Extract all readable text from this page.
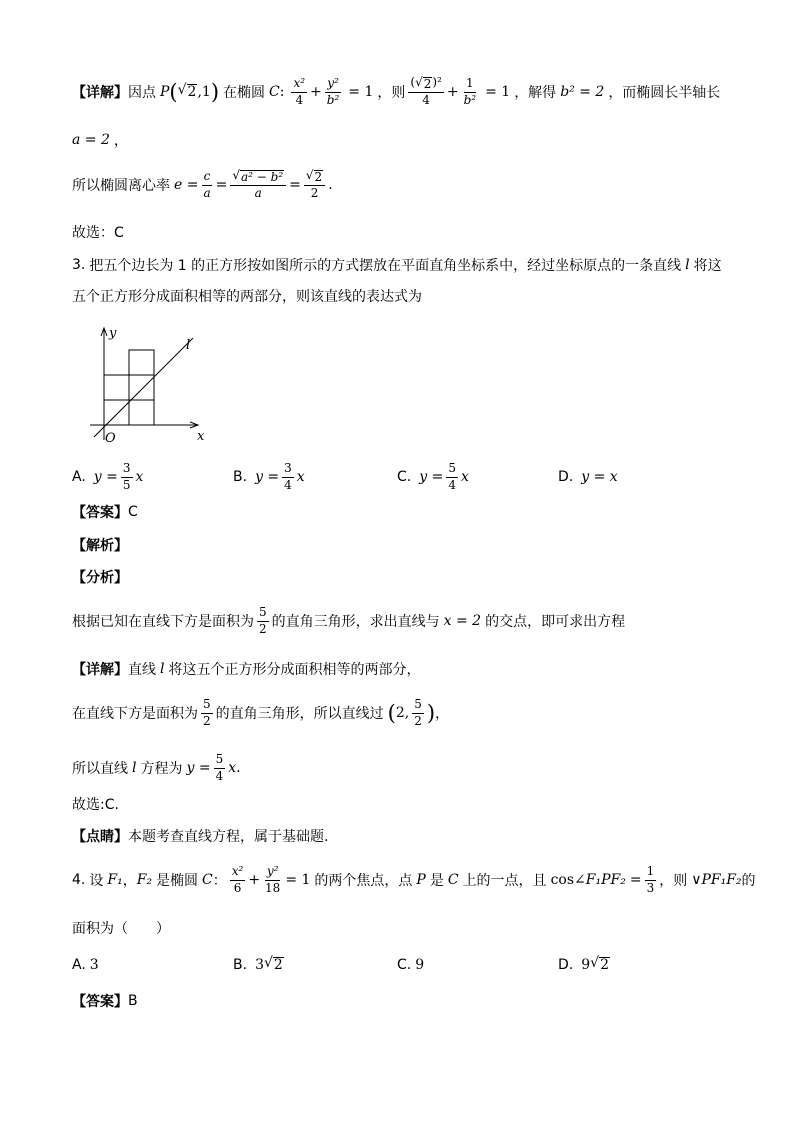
【详解】 因点 P ( √ 2 ,1 ) 在椭圆 C : $\frac{\text{x²}}{4} + \frac{\text{y²}}{\text{b²}} = 1$ ，则 $\frac{\text{( √ 2 )²}}{4} + \frac{1}{\text{b²}} = 1$ ，解得 b² = 2 ，而椭圆长半轴长
a = 2 ，
所以椭圆离心率 $e = \frac{c}{a} = \frac{\text{√ a² − b²}}{a} = \frac{√ 2}{2}$ .
故选：C
3. 把五个边长为 1 的正方形按如图所示的方式摆放在平面直角坐标系中，经过坐标原点的一条直线 l 将这
五个正方形分成面积相等的两部分，则该直线的表达式为
y
l
O	x
A. $y = \frac{3}{5}$ x	B. $y = \frac{3}{4}$ x	C. $y = \frac{5}{4}$ x	D. y = x
【答案】 C
【解析】
【分析】
根据已知在直线下方是面积为 $\frac{5}{2}$ 的直角三角形，求出直线与 x = 2 的交点，即可求出方程
【详解】 直线 l 将这五个正方形分成面积相等的两部分，
在直线下方是面积为 $\frac{5}{2}$ 的直角三角形，所以直线过 ( 2, $\frac{5}{2}$ ) ，
所以直线 l 方程为 $y = \frac{5}{4}$ x .
故选:C.
【点睛】 本题考查直线方程，属于基础题.
4. 设 F₁ ， F₂ 是椭圆 C ： $\frac{\text{x²}}{6} + \frac{\text{y²}}{18} = 1$ 的两个焦点，点 P 是 C 上的一点，且 cos∠ $F_1PF_2 = \frac{1}{3}$ ，则 ∨ PF₁F₂ 的
面积为（　　）
A. 3	B. 3 √ 2	C. 9	D. 9 √ 2
【答案】 B
